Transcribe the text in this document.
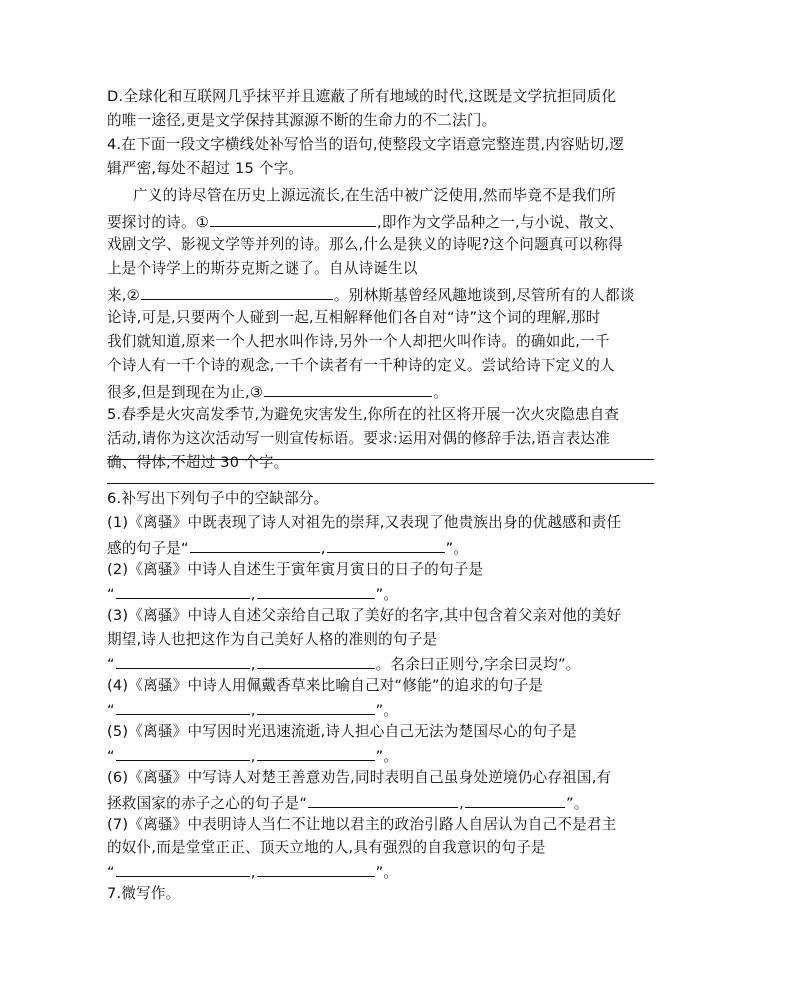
D.全球化和互联网几乎抹平并且遮蔽了所有地域的时代,这既是文学抗拒同质化
的唯一途径,更是文学保持其源源不断的生命力的不二法门。
4.在下面一段文字横线处补写恰当的语句,使整段文字语意完整连贯,内容贴切,逻
辑严密,每处不超过 15 个字。
广义的诗尽管在历史上源远流长,在生活中被广泛使用,然而毕竟不是我们所
要探讨的诗。①	,即作为文学品种之一,与小说、散文、
戏剧文学、影视文学等并列的诗。那么,什么是狭义的诗呢?这个问题真可以称得
上是个诗学上的斯芬克斯之谜了。自从诗诞生以
来,②	。别林斯基曾经风趣地谈到,尽管所有的人都谈
论诗,可是,只要两个人碰到一起,互相解释他们各自对“诗”这个词的理解,那时
我们就知道,原来一个人把水叫作诗,另外一个人却把火叫作诗。的确如此,一千
个诗人有一千个诗的观念,一千个读者有一千种诗的定义。尝试给诗下定义的人
很多,但是到现在为止,③	。
5.春季是火灾高发季节,为避免灾害发生,你所在的社区将开展一次火灾隐患自查
活动,请你为这次活动写一则宣传标语。要求:运用对偶的修辞手法,语言表达准
确、得体,不超过 30 个字。
6.补写出下列句子中的空缺部分。
(1)《离骚》中既表现了诗人对祖先的崇拜,又表现了他贵族出身的优越感和责任
感的句子是“	,	”。
(2)《离骚》中诗人自述生于寅年寅月寅日的日子的句子是
“	,	”。
(3)《离骚》中诗人自述父亲给自己取了美好的名字,其中包含着父亲对他的美好
期望,诗人也把这作为自己美好人格的准则的句子是
“	,	。名余曰正则兮,字余曰灵均”。
(4)《离骚》中诗人用佩戴香草来比喻自己对“修能”的追求的句子是
“	,	”。
(5)《离骚》中写因时光迅速流逝,诗人担心自己无法为楚国尽心的句子是
“	,	”。
(6)《离骚》中写诗人对楚王善意劝告,同时表明自己虽身处逆境仍心存祖国,有
拯救国家的赤子之心的句子是“	,	”。
(7)《离骚》中表明诗人当仁不让地以君主的政治引路人自居认为自己不是君主
的奴仆,而是堂堂正正、顶天立地的人,具有强烈的自我意识的句子是
“	,	”。
7.微写作。
